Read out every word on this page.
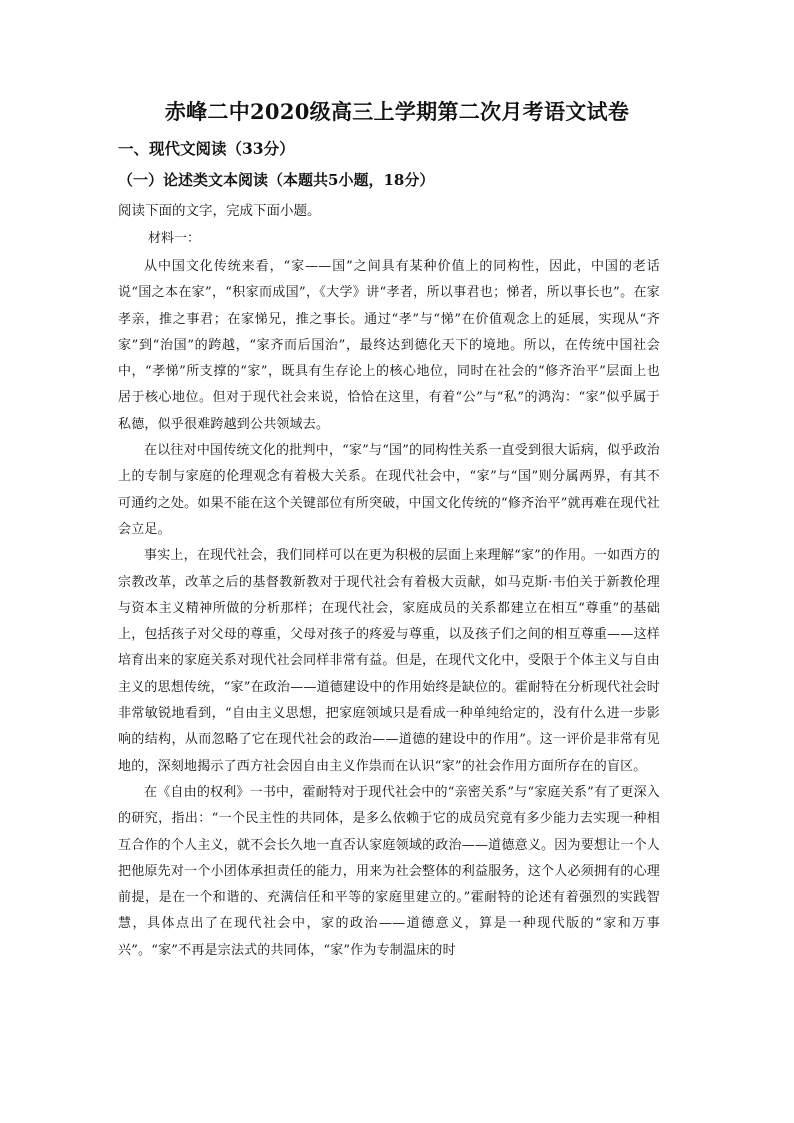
赤峰二中2020级高三上学期第二次月考语文试卷
一、现代文阅读（33分）
（一）论述类文本阅读（本题共5小题，18分）
阅读下面的文字，完成下面小题。
材料一：

从中国文化传统来看，“家——国”之间具有某种价值上的同构性，因此，中国的老话说“国之本在家”，“积家而成国”，《大学》讲“孝者，所以事君也；悌者，所以事长也”。在家孝亲，推之事君；在家悌兄，推之事长。通过“孝”与“悌”在价值观念上的延展，实现从“齐家”到“治国”的跨越，“家齐而后国治”，最终达到德化天下的境地。所以，在传统中国社会中，“孝悌”所支撑的“家”，既具有生存论上的核心地位，同时在社会的“修齐治平”层面上也居于核心地位。但对于现代社会来说，恰恰在这里，有着“公”与“私”的鸿沟：“家”似乎属于私德，似乎很难跨越到公共领域去。

在以往对中国传统文化的批判中，“家”与“国”的同构性关系一直受到很大诟病，似乎政治上的专制与家庭的伦理观念有着极大关系。在现代社会中，“家”与“国”则分属两界，有其不可通约之处。如果不能在这个关键部位有所突破，中国文化传统的“修齐治平”就再难在现代社会立足。

事实上，在现代社会，我们同样可以在更为积极的层面上来理解“家”的作用。一如西方的宗教改革，改革之后的基督教新教对于现代社会有着极大贡献，如马克斯·韦伯关于新教伦理与资本主义精神所做的分析那样；在现代社会，家庭成员的关系都建立在相互“尊重”的基础上，包括孩子对父母的尊重，父母对孩子的疼爱与尊重，以及孩子们之间的相互尊重——这样培育出来的家庭关系对现代社会同样非常有益。但是，在现代文化中，受限于个体主义与自由主义的思想传统，“家”在政治——道德建设中的作用始终是缺位的。霍耐特在分析现代社会时非常敏锐地看到，“自由主义思想，把家庭领域只是看成一种单纯给定的，没有什么进一步影响的结构，从而忽略了它在现代社会的政治——道德的建设中的作用”。这一评价是非常有见地的，深刻地揭示了西方社会因自由主义作祟而在认识“家”的社会作用方面所存在的盲区。

在《自由的权利》一书中，霍耐特对于现代社会中的“亲密关系”与“家庭关系”有了更深入的研究，指出：“一个民主性的共同体，是多么依赖于它的成员究竟有多少能力去实现一种相互合作的个人主义，就不会长久地一直否认家庭领域的政治——道德意义。因为要想让一个人把他原先对一个小团体承担责任的能力，用来为社会整体的利益服务，这个人必须拥有的心理前提，是在一个和谐的、充满信任和平等的家庭里建立的。”霍耐特的论述有着强烈的实践智慧，具体点出了在现代社会中，家的政治——道德意义，算是一种现代版的“家和万事兴”。“家”不再是宗法式的共同体，“家”作为专制温床的时
